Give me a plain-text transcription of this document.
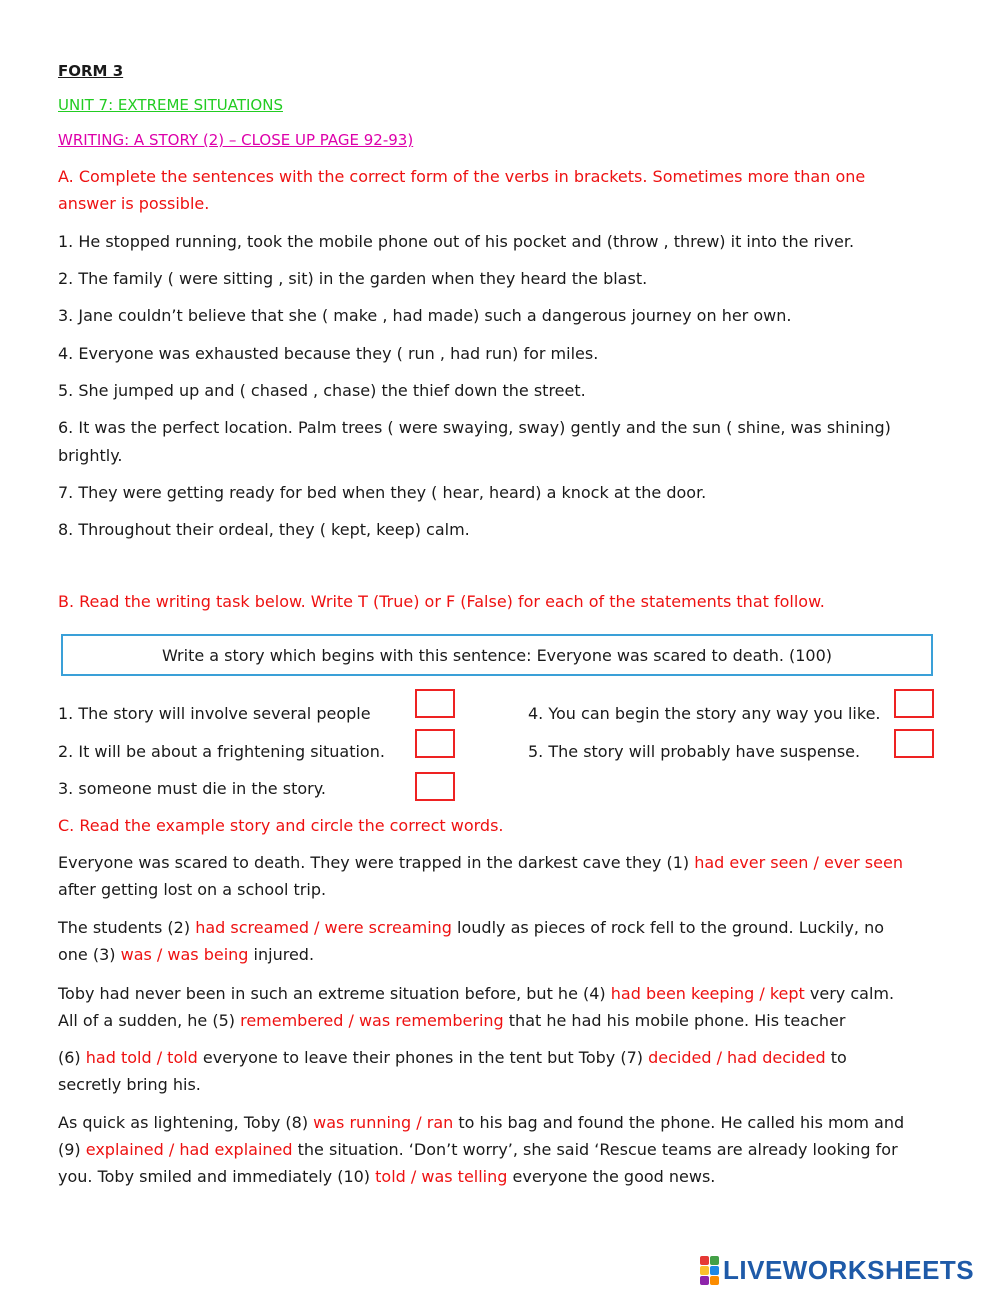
FORM 3
UNIT 7: EXTREME SITUATIONS
WRITING: A STORY (2) – CLOSE UP PAGE 92-93)
A. Complete the sentences with the correct form of the verbs in brackets. Sometimes more than one
answer is possible.
1. He stopped running, took the mobile phone out of his pocket and (throw , threw) it into the river.
2. The family ( were sitting , sit) in the garden when they heard the blast.
3. Jane couldn’t believe that she ( make , had made) such a dangerous journey on her own.
4. Everyone was exhausted because they ( run , had run) for miles.
5. She jumped up and ( chased , chase) the thief down the street.
6. It was the perfect location. Palm trees ( were swaying, sway) gently and the sun ( shine, was shining)
brightly.
7. They were getting ready for bed when they ( hear, heard) a knock at the door.
8. Throughout their ordeal, they ( kept, keep) calm.
B. Read the writing task below. Write T (True) or F (False) for each of the statements that follow.
Write a story which begins with this sentence: Everyone was scared to death. (100)
1. The story will involve several people
2. It will be about a frightening situation.
3. someone must die in the story.
4. You can begin the story any way you like.
5. The story will probably have suspense.
C. Read the example story and circle the correct words.
Everyone was scared to death. They were trapped in the darkest cave they (1) had ever seen / ever seen
after getting lost on a school trip.
The students (2) had screamed / were screaming loudly as pieces of rock fell to the ground. Luckily, no
one (3) was / was being injured.
Toby had never been in such an extreme situation before, but he (4) had been keeping / kept very calm.
All of a sudden, he (5) remembered / was remembering that he had his mobile phone. His teacher
(6) had told / told everyone to leave their phones in the tent but Toby (7) decided / had decided to
secretly bring his.
As quick as lightening, Toby (8) was running / ran to his bag and found the phone. He called his mom and
(9) explained / had explained the situation. ‘Don’t worry’, she said ‘Rescue teams are already looking for
you. Toby smiled and immediately (10) told / was telling everyone the good news.
LIVEWORKSHEETS
